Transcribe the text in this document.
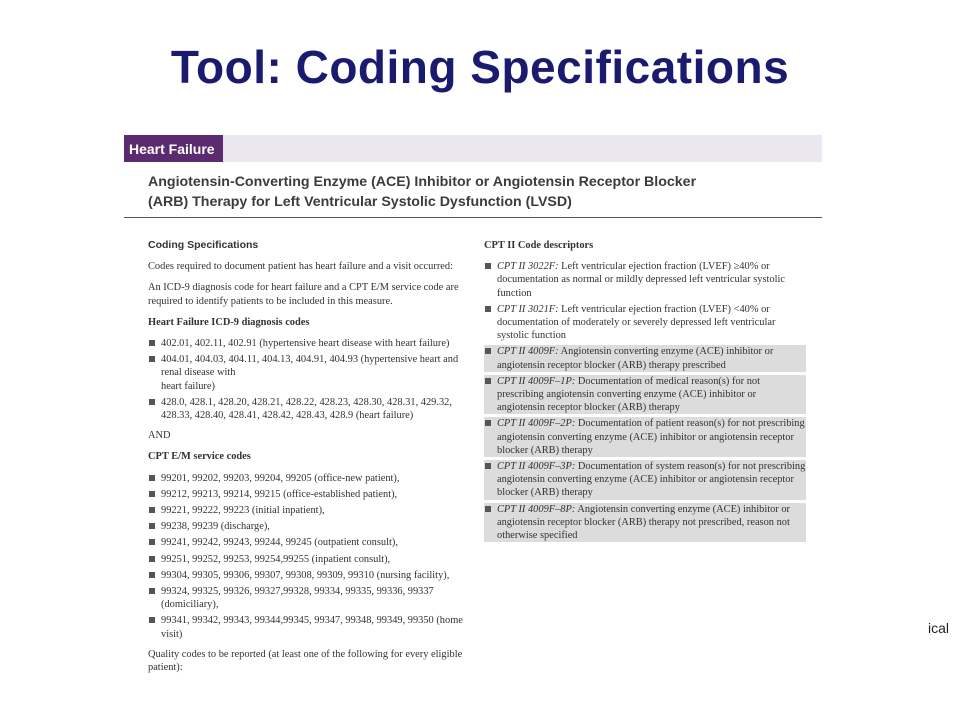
Tool: Coding Specifications
Heart Failure
Angiotensin-Converting Enzyme (ACE) Inhibitor or Angiotensin Receptor Blocker
(ARB) Therapy for Left Ventricular Systolic Dysfunction (LVSD)

Coding Specifications

Codes required to document patient has heart failure and a visit occurred:

An ICD-9 diagnosis code for heart failure and a CPT E/M service code are required to identify patients to be included in this measure.

Heart Failure ICD-9 diagnosis codes

402.01, 402.11, 402.91 (hypertensive heart disease with heart failure)
404.01, 404.03, 404.11, 404.13, 404.91, 404.93 (hypertensive heart and renal disease with
heart failure)
428.0, 428.1, 428.20, 428.21, 428.22, 428.23, 428.30, 428.31, 429.32, 428.33, 428.40, 428.41, 428.42, 428.43, 428.9 (heart failure)

AND

CPT E/M service codes

99201, 99202, 99203, 99204, 99205 (office-new patient),
99212, 99213, 99214, 99215 (office-established patient),
99221, 99222, 99223 (initial inpatient),
99238, 99239 (discharge),
99241, 99242, 99243, 99244, 99245 (outpatient consult),
99251, 99252, 99253, 99254,99255 (inpatient consult),
99304, 99305, 99306, 99307, 99308, 99309, 99310 (nursing facility),
99324, 99325, 99326, 99327,99328, 99334, 99335, 99336, 99337 (domiciliary),
99341, 99342, 99343, 99344,99345, 99347, 99348, 99349, 99350 (home visit)

Quality codes to be reported (at least one of the following for every eligible patient):

CPT II Code descriptors

CPT II 3022F: Left ventricular ejection fraction (LVEF) ≥40% or documentation as normal or mildly depressed left ventricular systolic function
CPT II 3021F: Left ventricular ejection fraction (LVEF) <40% or documentation of moderately or severely depressed left ventricular systolic function
CPT II 4009F: Angiotensin converting enzyme (ACE) inhibitor or angiotensin receptor blocker (ARB) therapy prescribed
CPT II 4009F–1P: Documentation of medical reason(s) for not prescribing angiotensin converting enzyme (ACE) inhibitor or angiotensin receptor blocker (ARB) therapy
CPT II 4009F–2P: Documentation of patient reason(s) for not prescribing angiotensin converting enzyme (ACE) inhibitor or angiotensin receptor blocker (ARB) therapy
CPT II 4009F–3P: Documentation of system reason(s) for not prescribing angiotensin converting enzyme (ACE) inhibitor or angiotensin receptor blocker (ARB) therapy
CPT II 4009F–8P: Angiotensin converting enzyme (ACE) inhibitor or angiotensin receptor blocker (ARB) therapy not prescribed, reason not otherwise specified
ical
